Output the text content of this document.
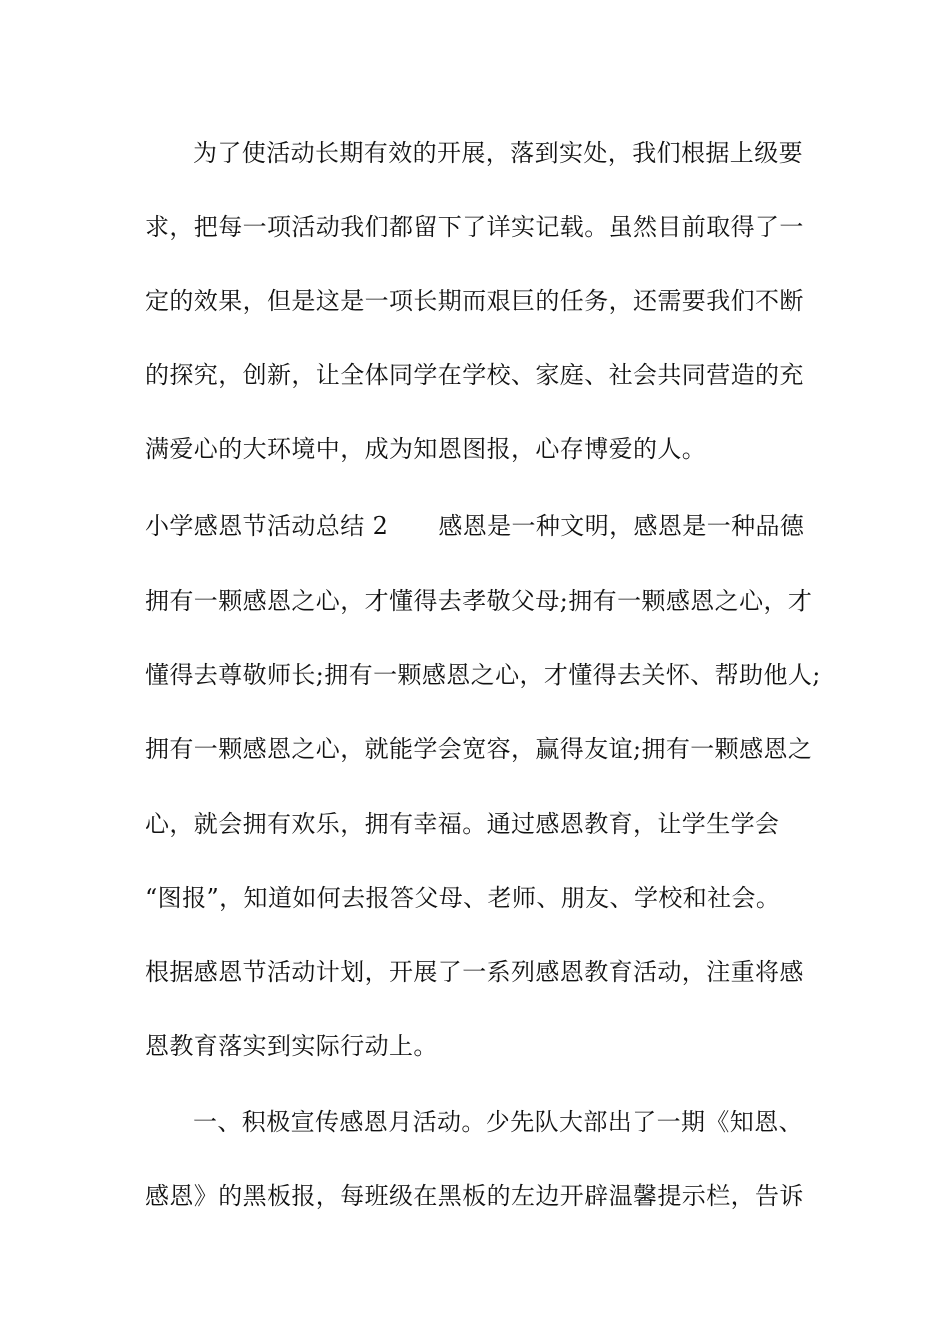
为了使活动长期有效的开展，落到实处，我们根据上级要
求，把每一项活动我们都留下了详实记载。虽然目前取得了一
定的效果，但是这是一项长期而艰巨的任务，还需要我们不断
的探究，创新，让全体同学在学校、家庭、社会共同营造的充
满爱心的大环境中，成为知恩图报，心存博爱的人。
小学感恩节活动总结 2 感恩是一种文明，感恩是一种品德
拥有一颗感恩之心，才懂得去孝敬父母;拥有一颗感恩之心，才
懂得去尊敬师长;拥有一颗感恩之心，才懂得去关怀、帮助他人;
拥有一颗感恩之心，就能学会宽容，赢得友谊;拥有一颗感恩之
心，就会拥有欢乐，拥有幸福。通过感恩教育，让学生学会
“图报”，知道如何去报答父母、老师、朋友、学校和社会。
根据感恩节活动计划，开展了一系列感恩教育活动，注重将感
恩教育落实到实际行动上。
一、积极宣传感恩月活动。少先队大部出了一期《知恩、
感恩》的黑板报，每班级在黑板的左边开辟温馨提示栏，告诉
